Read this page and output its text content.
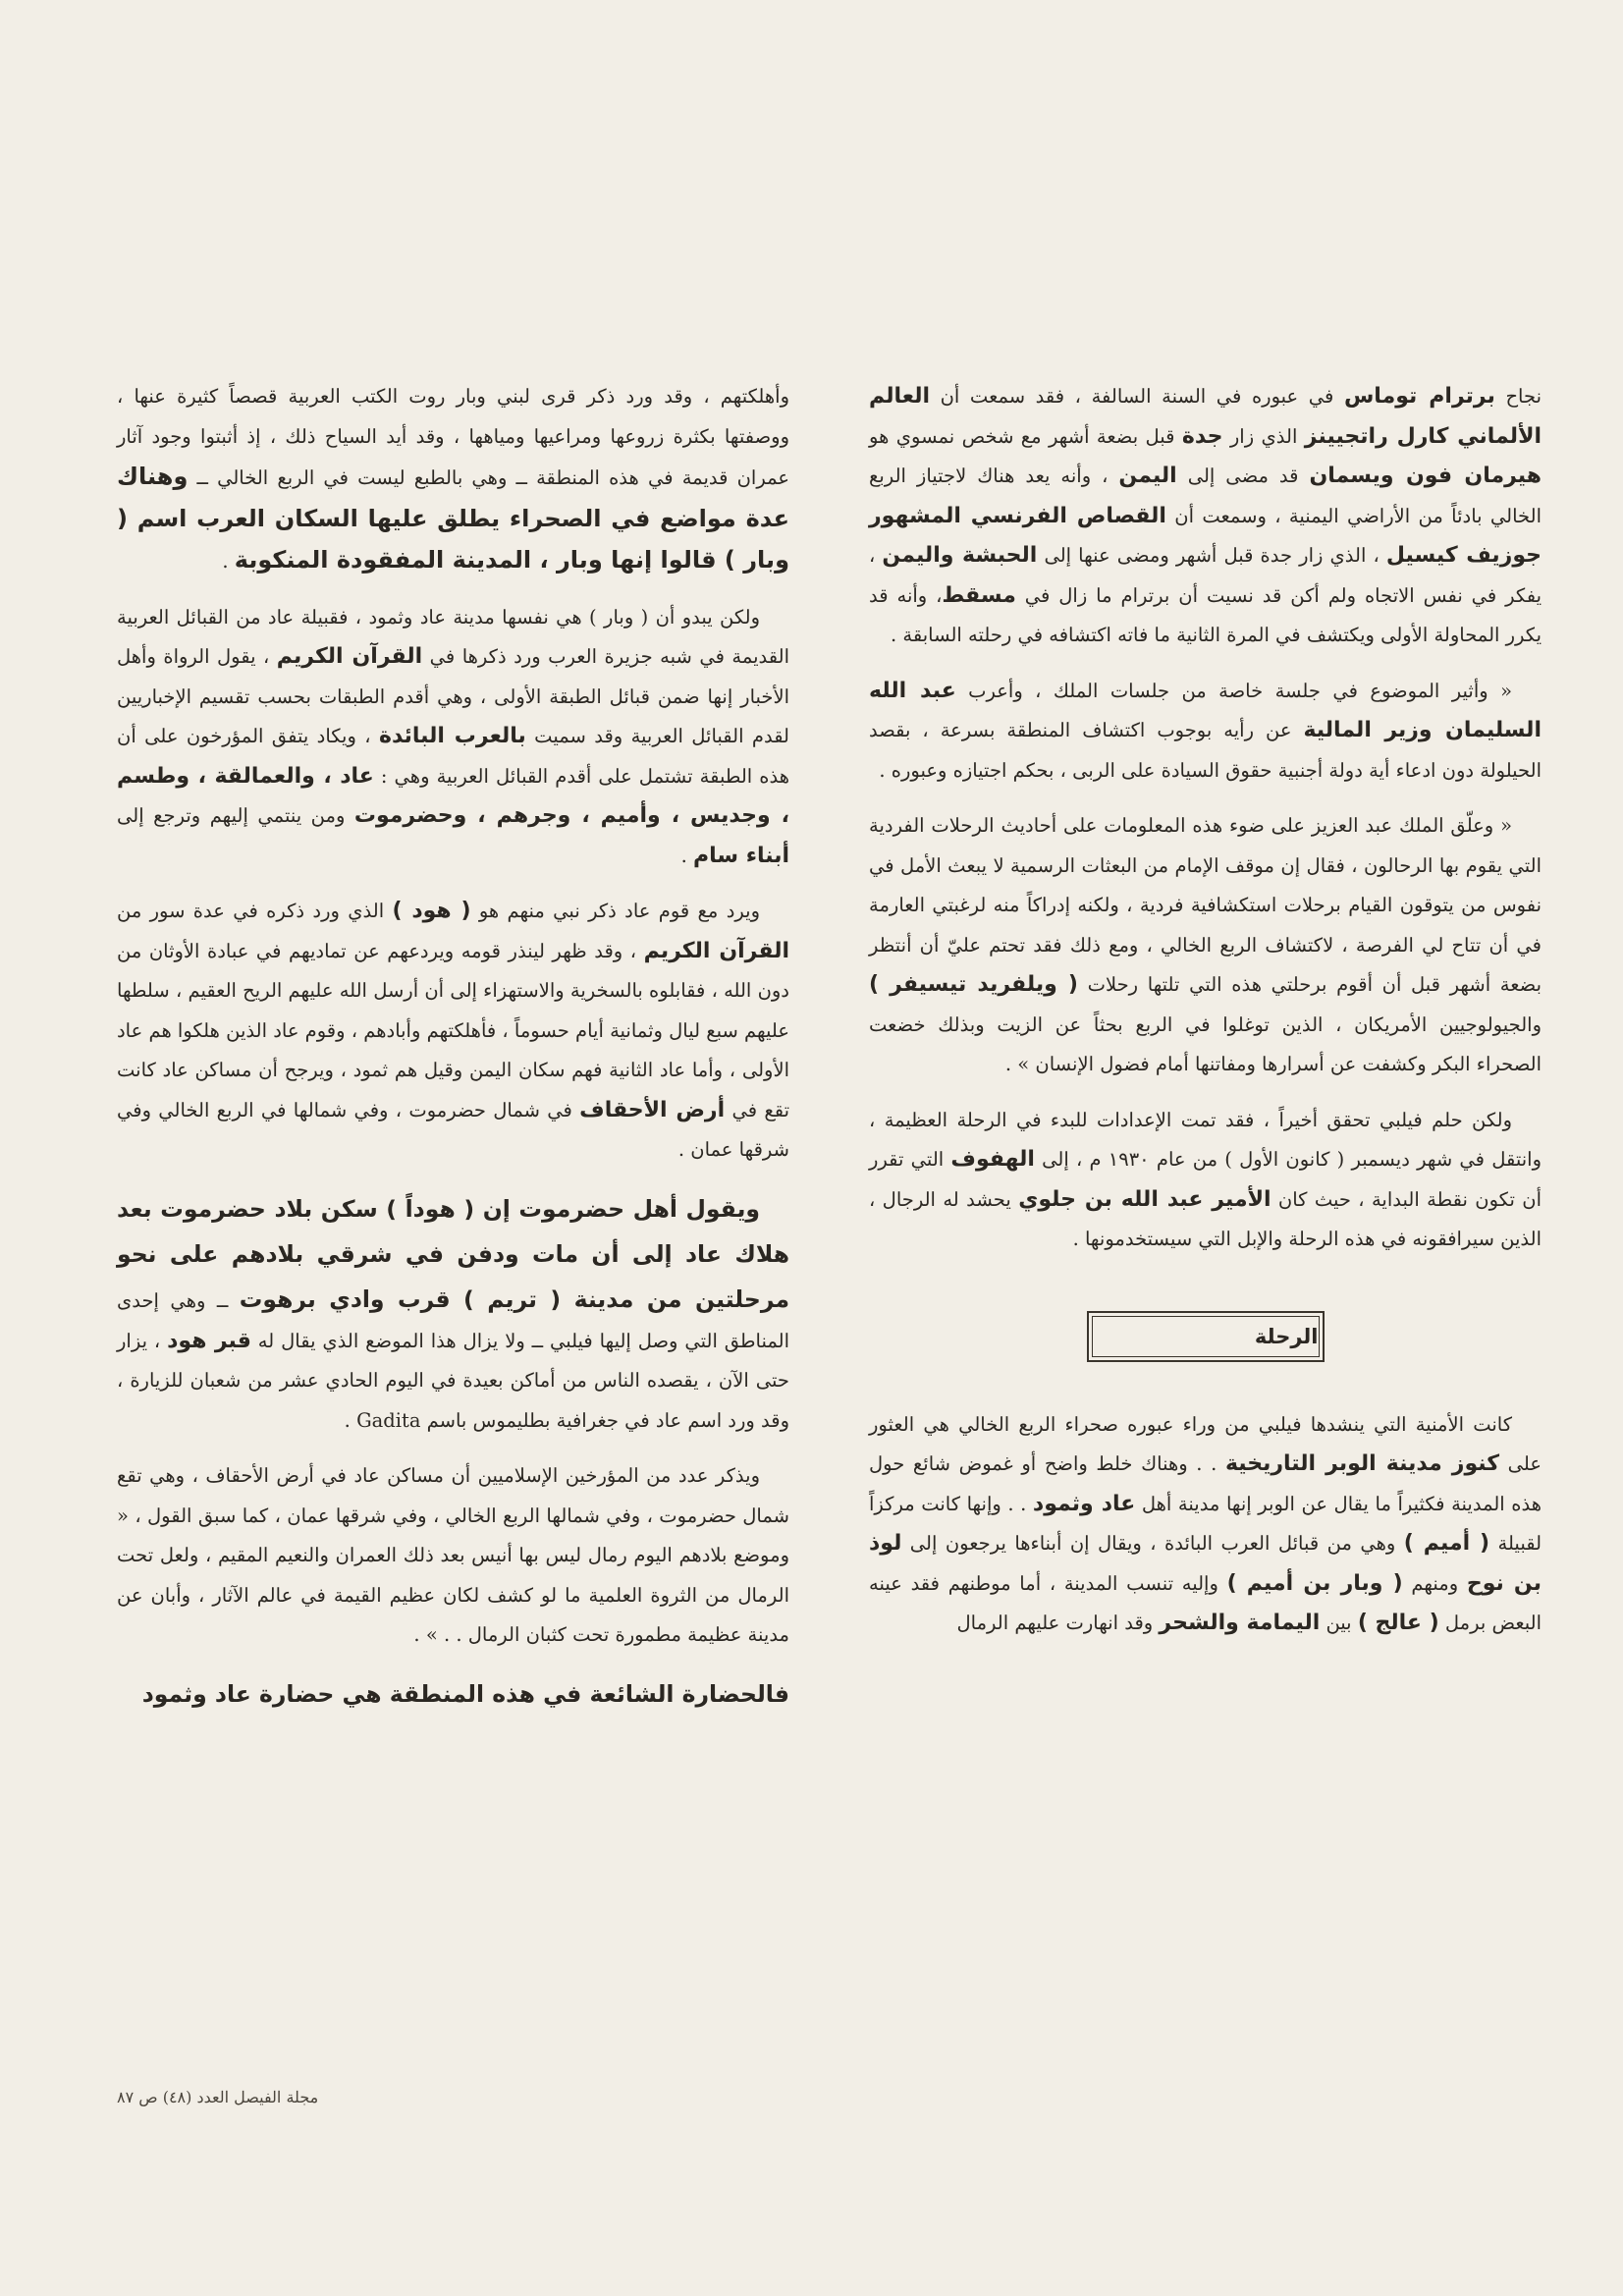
نجاح برترام توماس في عبوره في السنة السالفة ، فقد سمعت أن العالم الألماني كارل راتجيينز الذي زار جدة قبل بضعة أشهر مع شخص نمسوي هو هيرمان فون ويسمان قد مضى إلى اليمن ، وأنه يعد هناك لاجتياز الربع الخالي بادئاً من الأراضي اليمنية ، وسمعت أن القصاص الفرنسي المشهور جوزيف كيسيل ، الذي زار جدة قبل أشهر ومضى عنها إلى الحبشة واليمن ، يفكر في نفس الاتجاه ولم أكن قد نسيت أن برترام ما زال في مسقط، وأنه قد يكرر المحاولة الأولى ويكتشف في المرة الثانية ما فاته اكتشافه في رحلته السابقة .

« وأثير الموضوع في جلسة خاصة من جلسات الملك ، وأعرب عبد الله السليمان وزير المالية عن رأيه بوجوب اكتشاف المنطقة بسرعة ، بقصد الحيلولة دون ادعاء أية دولة أجنبية حقوق السيادة على الربى ، بحكم اجتيازه وعبوره .

« وعلّق الملك عبد العزيز على ضوء هذه المعلومات على أحاديث الرحلات الفردية التي يقوم بها الرحالون ، فقال إن موقف الإمام من البعثات الرسمية لا يبعث الأمل في نفوس من يتوقون القيام برحلات استكشافية فردية ، ولكنه إدراكاً منه لرغبتي العارمة في أن تتاح لي الفرصة ، لاكتشاف الربع الخالي ، ومع ذلك فقد تحتم عليّ أن أنتظر بضعة أشهر قبل أن أقوم برحلتي هذه التي تلتها رحلات ( ويلفريد تيسيفر ) والجيولوجيين الأمريكان ، الذين توغلوا في الربع بحثاً عن الزيت وبذلك خضعت الصحراء البكر وكشفت عن أسرارها ومفاتنها أمام فضول الإنسان » .

ولكن حلم فيلبي تحقق أخيراً ، فقد تمت الإعدادات للبدء في الرحلة العظيمة ، وانتقل في شهر ديسمبر ( كانون الأول ) من عام ١٩٣٠ م ، إلى الهفوف التي تقرر أن تكون نقطة البداية ، حيث كان الأمير عبد الله بن جلوي يحشد له الرجال ، الذين سيرافقونه في هذه الرحلة والإبل التي سيستخدمونها .

الرحلة

كانت الأمنية التي ينشدها فيلبي من وراء عبوره صحراء الربع الخالي هي العثور على كنوز مدينة الوبر التاريخية . . وهناك خلط واضح أو غموض شائع حول هذه المدينة فكثيراً ما يقال عن الوبر إنها مدينة أهل عاد وثمود . . وإنها كانت مركزاً لقبيلة ( أميم ) وهي من قبائل العرب البائدة ، ويقال إن أبناءها يرجعون إلى لوذ بن نوح ومنهم ( وبار بن أميم ) وإليه تنسب المدينة ، أما موطنهم فقد عينه البعض برمل ( عالج ) بين اليمامة والشحر وقد انهارت عليهم الرمال

وأهلكتهم ، وقد ورد ذكر قرى لبني وبار روت الكتب العربية قصصاً كثيرة عنها ، ووصفتها بكثرة زروعها ومراعيها ومياهها ، وقد أيد السياح ذلك ، إذ أثبتوا وجود آثار عمران قديمة في هذه المنطقة ــ وهي بالطبع ليست في الربع الخالي ــ وهناك عدة مواضع في الصحراء يطلق عليها السكان العرب اسم ( وبار ) قالوا إنها وبار ، المدينة المفقودة المنكوبة .

ولكن يبدو أن ( وبار ) هي نفسها مدينة عاد وثمود ، فقبيلة عاد من القبائل العربية القديمة في شبه جزيرة العرب ورد ذكرها في القرآن الكريم ، يقول الرواة وأهل الأخبار إنها ضمن قبائل الطبقة الأولى ، وهي أقدم الطبقات بحسب تقسيم الإخباريين لقدم القبائل العربية وقد سميت بالعرب البائدة ، ويكاد يتفق المؤرخون على أن هذه الطبقة تشتمل على أقدم القبائل العربية وهي : عاد ، والعمالقة ، وطسم ، وجديس ، وأميم ، وجرهم ، وحضرموت ومن ينتمي إليهم وترجع إلى أبناء سام .

ويرد مع قوم عاد ذكر نبي منهم هو ( هود ) الذي ورد ذكره في عدة سور من القرآن الكريم ، وقد ظهر لينذر قومه ويردعهم عن تماديهم في عبادة الأوثان من دون الله ، فقابلوه بالسخرية والاستهزاء إلى أن أرسل الله عليهم الريح العقيم ، سلطها عليهم سبع ليال وثمانية أيام حسوماً ، فأهلكتهم وأبادهم ، وقوم عاد الذين هلكوا هم عاد الأولى ، وأما عاد الثانية فهم سكان اليمن وقيل هم ثمود ، ويرجح أن مساكن عاد كانت تقع في أرض الأحقاف في شمال حضرموت ، وفي شمالها في الربع الخالي وفي شرقها عمان .

ويقول أهل حضرموت إن ( هوداً ) سكن بلاد حضرموت بعد هلاك عاد إلى أن مات ودفن في شرقي بلادهم على نحو مرحلتين من مدينة ( تريم ) قرب وادي برهوت ــ وهي إحدى المناطق التي وصل إليها فيلبي ــ ولا يزال هذا الموضع الذي يقال له قبر هود ، يزار حتى الآن ، يقصده الناس من أماكن بعيدة في اليوم الحادي عشر من شعبان للزيارة ، وقد ورد اسم عاد في جغرافية بطليموس باسم Gadita .

ويذكر عدد من المؤرخين الإسلاميين أن مساكن عاد في أرض الأحقاف ، وهي تقع شمال حضرموت ، وفي شمالها الربع الخالي ، وفي شرقها عمان ، كما سبق القول ، « وموضع بلادهم اليوم رمال ليس بها أنيس بعد ذلك العمران والنعيم المقيم ، ولعل تحت الرمال من الثروة العلمية ما لو كشف لكان عظيم القيمة في عالم الآثار ، وأبان عن مدينة عظيمة مطمورة تحت كثبان الرمال . . » .

فالحضارة الشائعة في هذه المنطقة هي حضارة عاد وثمود

مجلة الفيصل العدد (٤٨) ص ٨٧
